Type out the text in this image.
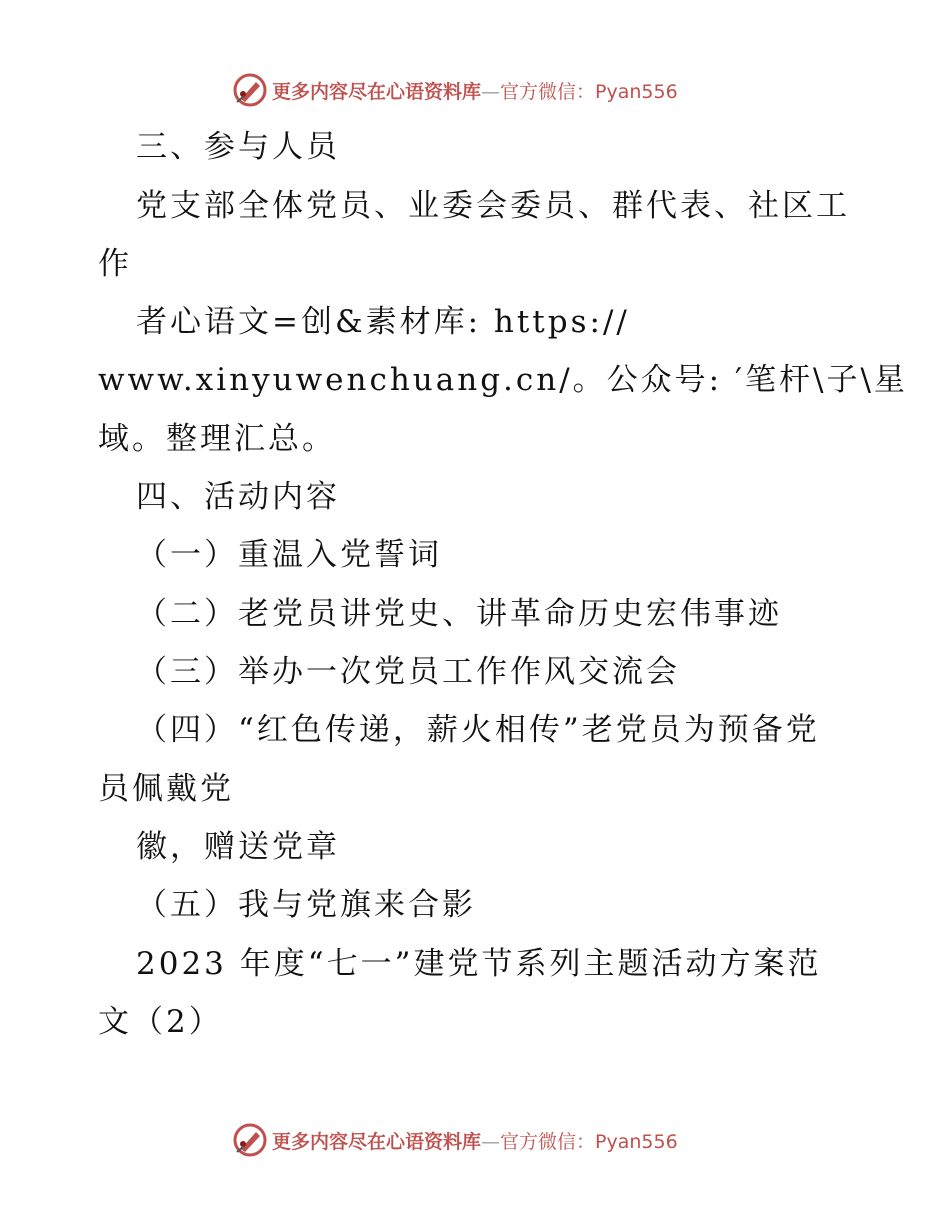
更多内容尽在心语资料库—官方微信：Pyan556
三、参与人员
党支部全体党员、业委会委员、群代表、社区工
作
者心语文=创&素材库: https://
www.xinyuwenchuang.cn/。公众号: ′笔杆\子\星
域。整理汇总。
四、活动内容
（一）重温入党誓词
（二）老党员讲党史、讲革命历史宏伟事迹
（三）举办一次党员工作作风交流会
（四）“红色传递，薪火相传”老党员为预备党
员佩戴党
徽，赠送党章
（五）我与党旗来合影
2023 年度“七一”建党节系列主题活动方案范
文（2）
更多内容尽在心语资料库—官方微信：Pyan556
